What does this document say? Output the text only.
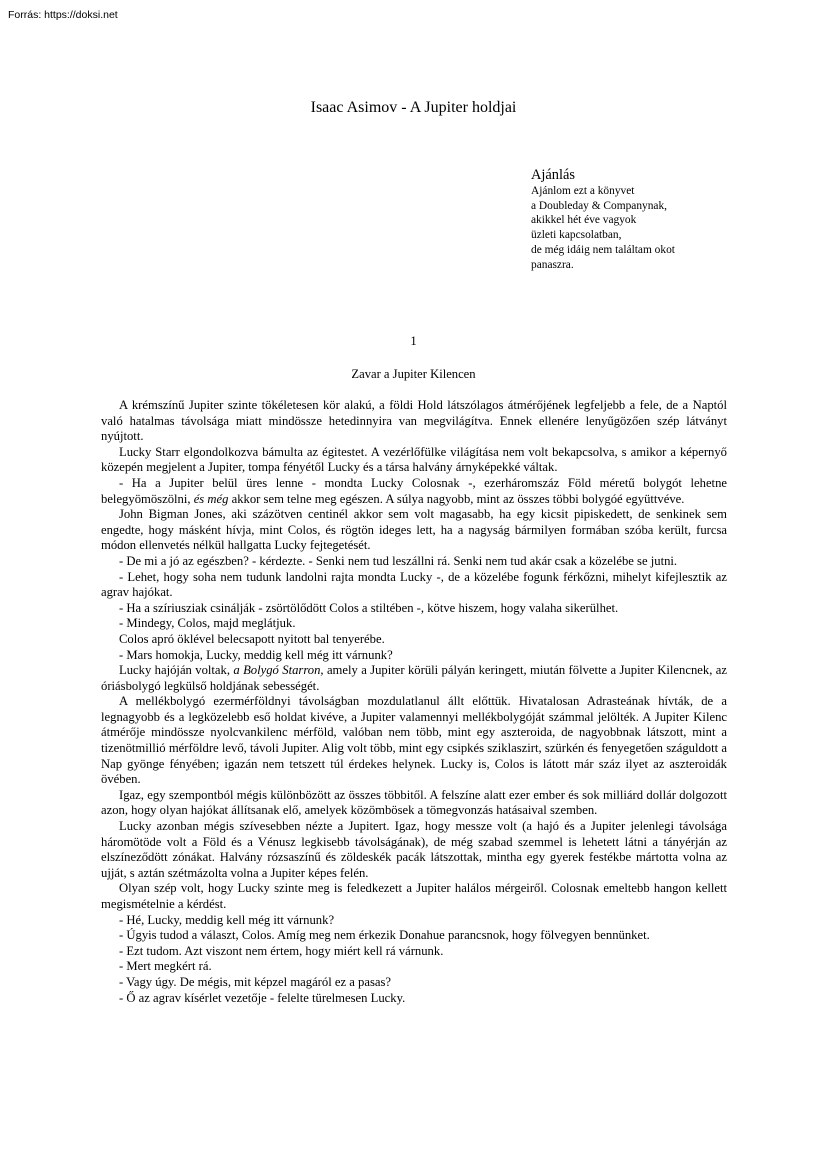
Forrás: https://doksi.net
Isaac Asimov - A Jupiter holdjai
Ajánlás
Ajánlom ezt a könyvet
a Doubleday & Companynak,
akikkel hét éve vagyok
üzleti kapcsolatban,
de még idáig nem találtam okot
panaszra.
1
Zavar a Jupiter Kilencen

A krémszínű Jupiter szinte tökéletesen kör alakú, a földi Hold látszólagos átmérőjének legfeljebb a fele, de a Naptól való hatalmas távolsága miatt mindössze hetedinnyira van megvilágítva. Ennek ellenére lenyűgözően szép látványt nyújtott.

Lucky Starr elgondolkozva bámulta az égitestet. A vezérlőfülke világítása nem volt bekapcsolva, s amikor a képernyő közepén megjelent a Jupiter, tompa fényétől Lucky és a társa halvány árnyképekké váltak.

- Ha a Jupiter belül üres lenne - mondta Lucky Colosnak -, ezerháromszáz Föld méretű bolygót lehetne belegyömöszölni, és még akkor sem telne meg egészen. A súlya nagyobb, mint az összes többi bolygóé együttvéve.

John Bigman Jones, aki százötven centinél akkor sem volt magasabb, ha egy kicsit pipiskedett, de senkinek sem engedte, hogy másként hívja, mint Colos, és rögtön ideges lett, ha a nagyság bármilyen formában szóba került, furcsa módon ellenvetés nélkül hallgatta Lucky fejtegetését.

- De mi a jó az egészben? - kérdezte. - Senki nem tud leszállni rá. Senki nem tud akár csak a közelébe se jutni.

- Lehet, hogy soha nem tudunk landolni rajta mondta Lucky -, de a közelébe fogunk férkőzni, mihelyt kifejlesztik az agrav hajókat.

- Ha a szíriusziak csinálják - zsörtölődött Colos a stiltében -, kötve hiszem, hogy valaha sikerülhet.

- Mindegy, Colos, majd meglátjuk.

Colos apró öklével belecsapott nyitott bal tenyerébe.

- Mars homokja, Lucky, meddig kell még itt várnunk?

Lucky hajóján voltak, a Bolygó Starron, amely a Jupiter körüli pályán keringett, miután fölvette a Jupiter Kilencnek, az óriásbolygó legkülső holdjának sebességét.

A mellékbolygó ezermérföldnyi távolságban mozdulatlanul állt előttük. Hivatalosan Adrasteának hívták, de a legnagyobb és a legközelebb eső holdat kivéve, a Jupiter valamennyi mellékbolygóját számmal jelölték. A Jupiter Kilenc átmérője mindössze nyolcvankilenc mérföld, valóban nem több, mint egy aszteroida, de nagyobbnak látszott, mint a tizenötmillió mérföldre levő, távoli Jupiter. Alig volt több, mint egy csipkés sziklaszirt, szürkén és fenyegetően száguldott a Nap gyönge fényében; igazán nem tetszett túl érdekes helynek. Lucky is, Colos is látott már száz ilyet az aszteroidák övében.

Igaz, egy szempontból mégis különbözött az összes többitől. A felszíne alatt ezer ember és sok milliárd dollár dolgozott azon, hogy olyan hajókat állítsanak elő, amelyek közömbösek a tömegvonzás hatásaival szemben.

Lucky azonban mégis szívesebben nézte a Jupitert. Igaz, hogy messze volt (a hajó és a Jupiter jelenlegi távolsága háromötöde volt a Föld és a Vénusz legkisebb távolságának), de még szabad szemmel is lehetett látni a tányérján az elszíneződött zónákat. Halvány rózsaszínű és zöldeskék pacák látszottak, mintha egy gyerek festékbe mártotta volna az ujját, s aztán szétmázolta volna a Jupiter képes felén.

Olyan szép volt, hogy Lucky szinte meg is feledkezett a Jupiter halálos mérgeiről. Colosnak emeltebb hangon kellett megismételnie a kérdést.

- Hé, Lucky, meddig kell még itt várnunk?

- Úgyis tudod a választ, Colos. Amíg meg nem érkezik Donahue parancsnok, hogy fölvegyen bennünket.

- Ezt tudom. Azt viszont nem értem, hogy miért kell rá várnunk.

- Mert megkért rá.

- Vagy úgy. De mégis, mit képzel magáról ez a pasas?

- Ő az agrav kísérlet vezetője - felelte türelmesen Lucky.
